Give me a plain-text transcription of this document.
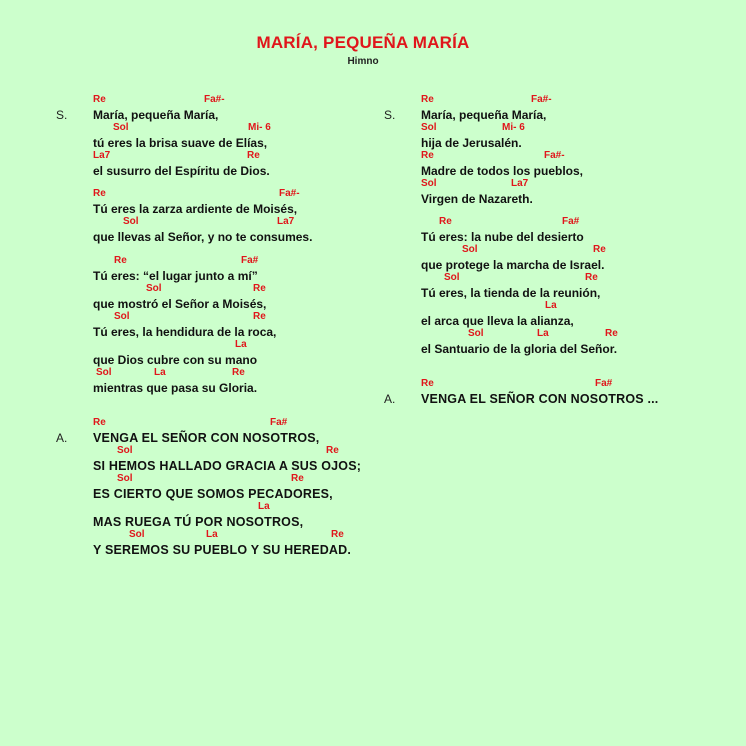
MARÍA, PEQUEÑA MARÍA
Himno
S.
Re	Fa#-
María, pequeña María,
Sol	Mi- 6
tú eres la brisa suave de Elías,
La7	Re
el susurro del Espíritu de Dios.
Re	Fa#-
Tú eres la zarza ardiente de Moisés,
Sol	La7
que llevas al Señor, y no te consumes.
Re	Fa#
Tú eres: “el lugar junto a mí”
Sol	Re
que mostró el Señor a Moisés,
Sol	Re
Tú eres, la hendidura de la roca,
La
que Dios cubre con su mano
Sol	La	Re
mientras que pasa su Gloria.
A.
Re	Fa#
VENGA EL SEÑOR CON NOSOTROS,
Sol	Re
SI HEMOS HALLADO GRACIA A SUS OJOS;
Sol	Re
ES CIERTO QUE SOMOS PECADORES,
La
MAS RUEGA TÚ POR NOSOTROS,
Sol	La	Re
Y SEREMOS SU PUEBLO Y SU HEREDAD.
S.
Re	Fa#-
María, pequeña María,
Sol	Mi- 6
hija de Jerusalén.
Re	Fa#-
Madre de todos los pueblos,
Sol	La7
Virgen de Nazareth.
Re	Fa#
Tú eres: la nube del desierto
Sol	Re
que protege la marcha de Israel.
Sol	Re
Tú eres, la tienda de la reunión,
La
el arca que lleva la alianza,
Sol	La	Re
el Santuario de la gloria del Señor.
A.
Re	Fa#
VENGA EL SEÑOR CON NOSOTROS ...
